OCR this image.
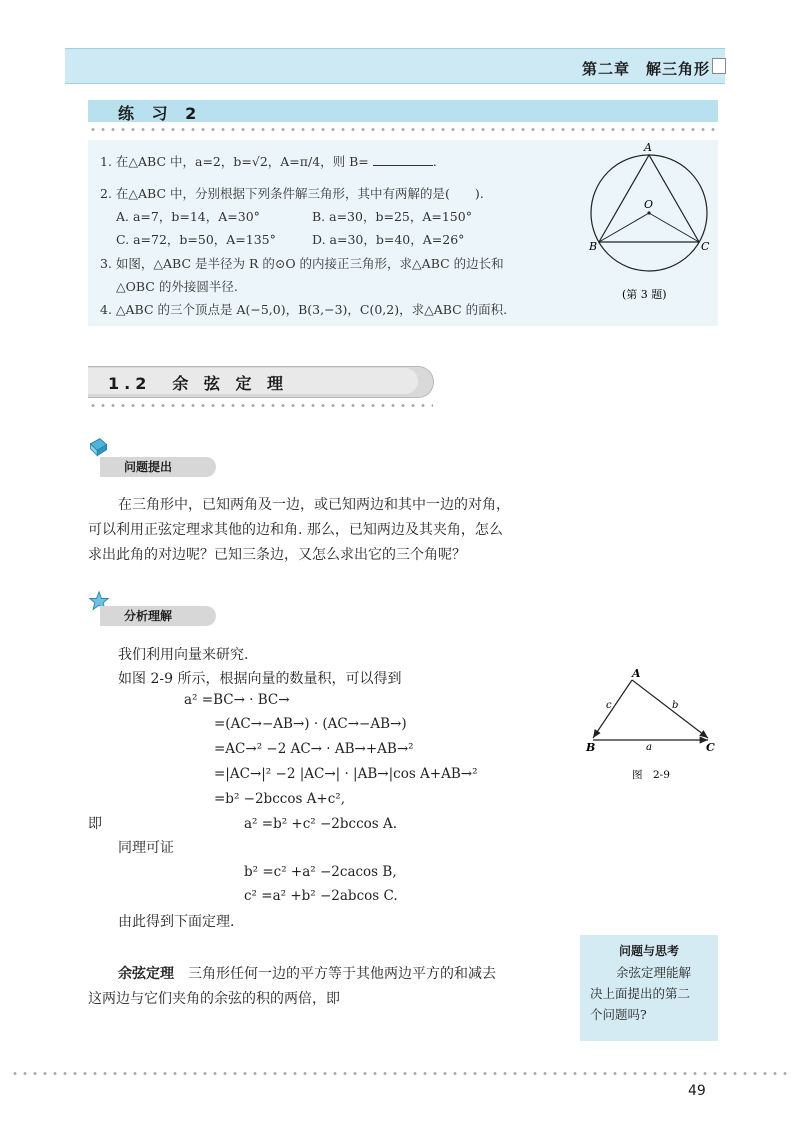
第二章　解三角形
练 习 2
1. 在△ABC 中，a=2，b=√2，A=π/4，则 B=	.
2. 在△ABC 中，分别根据下列条件解三角形，其中有两解的是(　　).
A. a=7，b=14，A=30°	B. a=30，b=25，A=150°
C. a=72，b=50，A=135°	D. a=30，b=40，A=26°
3. 如图，△ABC 是半径为 R 的⊙O 的内接正三角形，求△ABC 的边长和
△OBC 的外接圆半径.
4. △ABC 的三个顶点是 A(−5,0)，B(3,−3)，C(0,2)，求△ABC 的面积.
A
O
B	C
(第 3 题)
1.2　余 弦 定 理
问题提出
在三角形中，已知两角及一边，或已知两边和其中一边的对角，
可以利用正弦定理求其他的边和角. 那么，已知两边及其夹角，怎么
求出此角的对边呢？已知三条边，又怎么求出它的三个角呢？
分析理解
我们利用向量来研究.
如图 2-9 所示，根据向量的数量积，可以得到
a² =BC→ · BC→
=(AC→−AB→) · (AC→−AB→)
=AC→² −2 AC→ · AB→+AB→²
=|AC→|² −2 |AC→| · |AB→|cos A+AB→²
=b² −2bccos A+c²,
即	a² =b² +c² −2bccos A.
同理可证
b² =c² +a² −2cacos B,
c² =a² +b² −2abcos C.
由此得到下面定理.
余弦定理　三角形任何一边的平方等于其他两边平方的和减去
这两边与它们夹角的余弦的积的两倍，即
A
B	C
c	b
a
图　2-9
问题与思考
余弦定理能解
决上面提出的第二
个问题吗?
49
